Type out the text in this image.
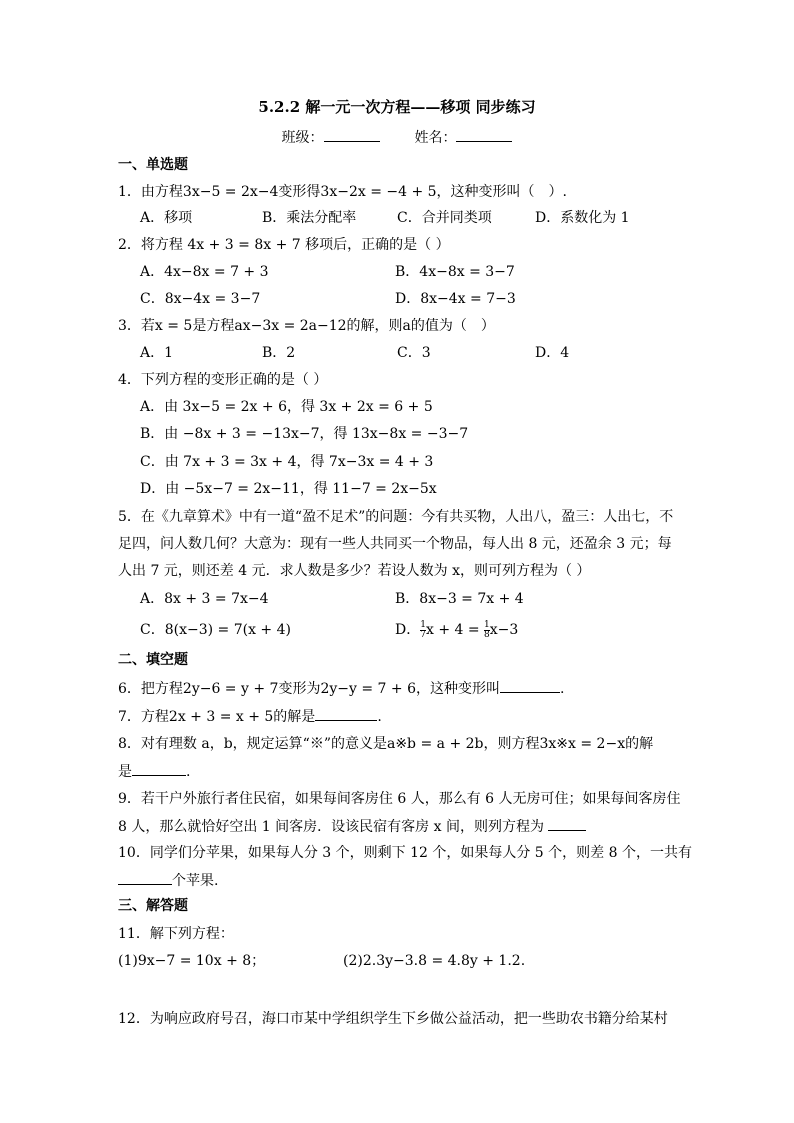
5.2.2 解一元一次方程——移项 同步练习
班级：	姓名：
一、单选题
1．由方程3x−5 = 2x−4变形得3x−2x = −4 + 5，这种变形叫（　）.
A．移项	B．乘法分配率	C．合并同类项	D．系数化为 1
2．将方程 4x + 3 = 8x + 7 移项后，正确的是（ ）
A．4x−8x = 7 + 3	B．4x−8x = 3−7
C．8x−4x = 3−7	D．8x−4x = 7−3
3．若x = 5是方程ax−3x = 2a−12的解，则a的值为（　）
A．1	B．2	C．3	D．4
4．下列方程的变形正确的是（ ）
A．由 3x−5 = 2x + 6，得 3x + 2x = 6 + 5
B．由 −8x + 3 = −13x−7，得 13x−8x = −3−7
C．由 7x + 3 = 3x + 4，得 7x−3x = 4 + 3
D．由 −5x−7 = 2x−11，得 11−7 = 2x−5x
5．在《九章算术》中有一道“盈不足术”的问题：今有共买物，人出八，盈三：人出七，不
足四，问人数几何？大意为：现有一些人共同买一个物品，每人出 8 元，还盈余 3 元；每
人出 7 元，则还差 4 元．求人数是多少？若设人数为 x，则可列方程为（ ）
A．8x + 3 = 7x−4	B．8x−3 = 7x + 4
C．8(x−3) = 7(x + 4)	D． $\frac{1}{7}$ $x + 4 = \frac{1}{8} x-3$
二、填空题
6．把方程2y−6 = y + 7变形为2y−y = 7 + 6，这种变形叫	.
7．方程2x + 3 = x + 5的解是	.
8．对有理数 a，b，规定运算“※”的意义是a※b = a + 2b，则方程3x※x = 2−x的解
是	.
9．若干户外旅行者住民宿，如果每间客房住 6 人，那么有 6 人无房可住；如果每间客房住
8 人，那么就恰好空出 1 间客房．设该民宿有客房 x 间，则列方程为
10．同学们分苹果，如果每人分 3 个，则剩下 12 个，如果每人分 5 个，则差 8 个，一共有
个苹果.
三、解答题
11．解下列方程：
(1)9x−7 = 10x + 8；	(2)2.3y−3.8 = 4.8y + 1.2.
12．为响应政府号召，海口市某中学组织学生下乡做公益活动，把一些助农书籍分给某村
